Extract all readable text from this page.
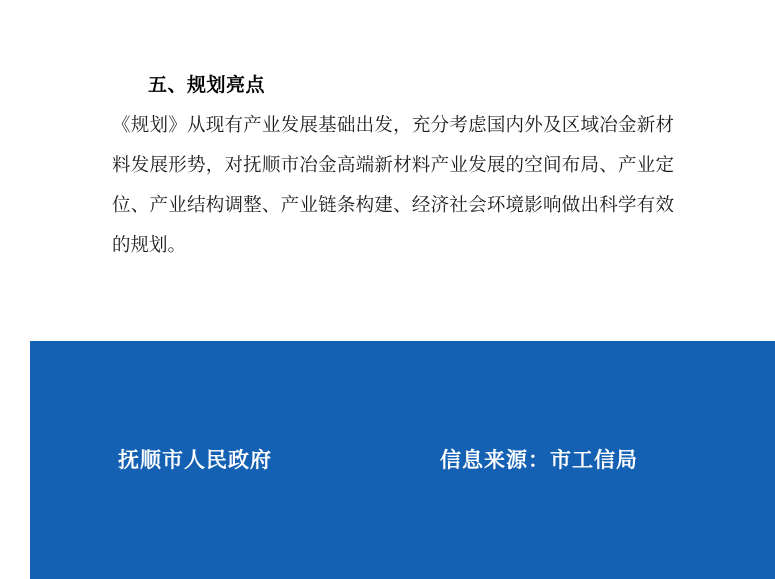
五、规划亮点
《规划》从现有产业发展基础出发，充分考虑国内外及区域冶金新材料发展形势，对抚顺市冶金高端新材料产业发展的空间布局、产业定位、产业结构调整、产业链条构建、经济社会环境影响做出科学有效的规划。
抚顺市人民政府	信息来源：市工信局
